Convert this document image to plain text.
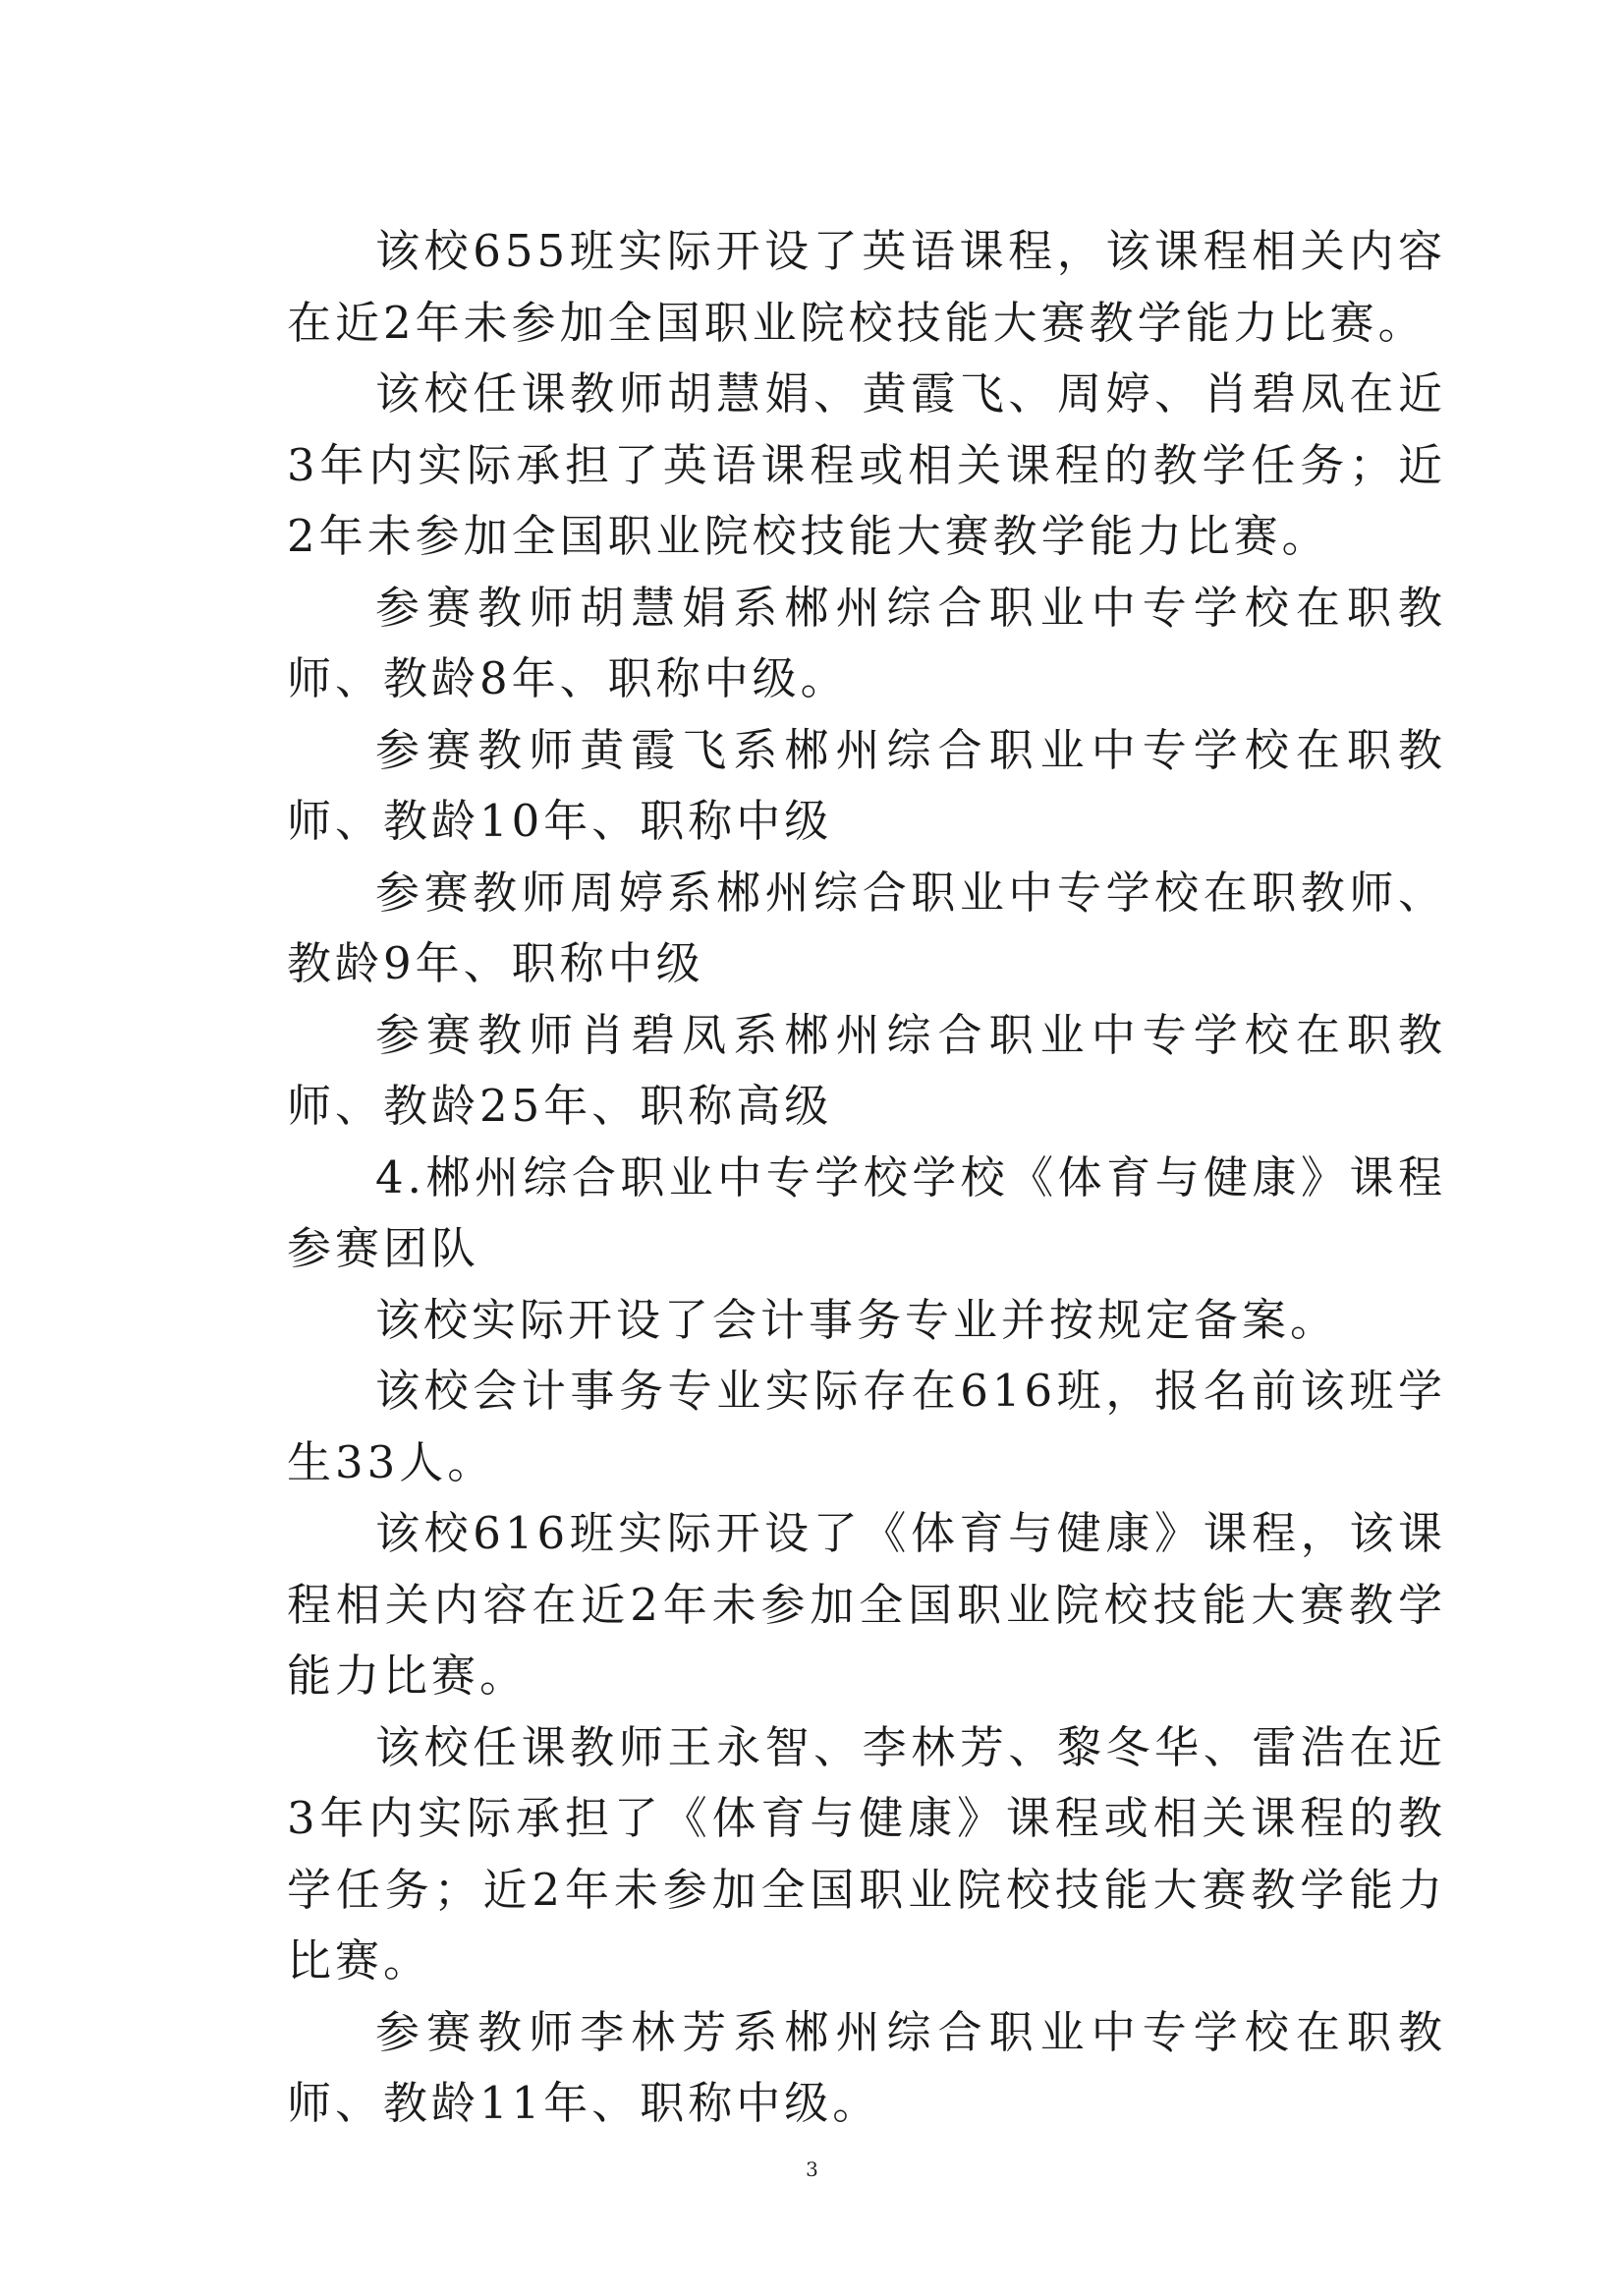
该校655班实际开设了英语课程，该课程相关内容在近2年未参加全国职业院校技能大赛教学能力比赛。

该校任课教师胡慧娟、黄霞飞、周婷、肖碧凤在近3年内实际承担了英语课程或相关课程的教学任务；近2年未参加全国职业院校技能大赛教学能力比赛。

参赛教师胡慧娟系郴州综合职业中专学校在职教师、教龄8年、职称中级。

参赛教师黄霞飞系郴州综合职业中专学校在职教师、教龄10年、职称中级

参赛教师周婷系郴州综合职业中专学校在职教师、教龄9年、职称中级

参赛教师肖碧凤系郴州综合职业中专学校在职教师、教龄25年、职称高级

4.郴州综合职业中专学校学校《体育与健康》课程参赛团队

该校实际开设了会计事务专业并按规定备案。

该校会计事务专业实际存在616班，报名前该班学生33人。

该校616班实际开设了《体育与健康》课程，该课程相关内容在近2年未参加全国职业院校技能大赛教学能力比赛。

该校任课教师王永智、李林芳、黎冬华、雷浩在近3年内实际承担了《体育与健康》课程或相关课程的教学任务；近2年未参加全国职业院校技能大赛教学能力比赛。

参赛教师李林芳系郴州综合职业中专学校在职教师、教龄11年、职称中级。

3
